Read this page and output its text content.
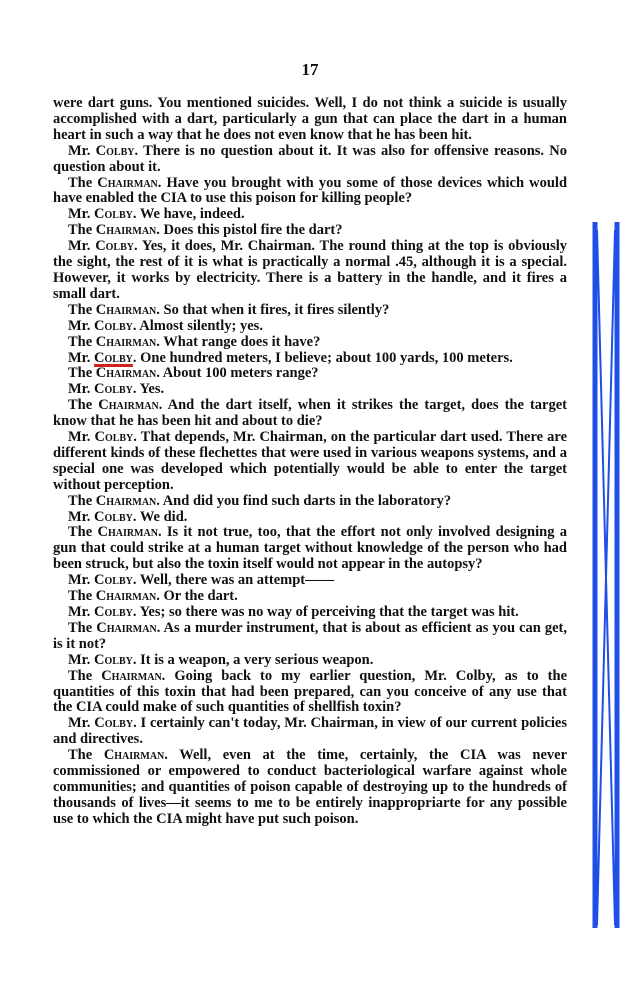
17

were dart guns. You mentioned suicides. Well, I do not think a suicide is usually accomplished with a dart, particularly a gun that can place the dart in a human heart in such a way that he does not even know that he has been hit.

Mr. Colby. There is no question about it. It was also for offensive reasons. No question about it.

The Chairman. Have you brought with you some of those devices which would have enabled the CIA to use this poison for killing people?

Mr. Colby. We have, indeed.

The Chairman. Does this pistol fire the dart?

Mr. Colby. Yes, it does, Mr. Chairman. The round thing at the top is obviously the sight, the rest of it is what is practically a normal .45, although it is a special. However, it works by electricity. There is a battery in the handle, and it fires a small dart.

The Chairman. So that when it fires, it fires silently?

Mr. Colby. Almost silently; yes.

The Chairman. What range does it have?

Mr. Colby. One hundred meters, I believe; about 100 yards, 100 meters.

The Chairman. About 100 meters range?

Mr. Colby. Yes.

The Chairman. And the dart itself, when it strikes the target, does the target know that he has been hit and about to die?

Mr. Colby. That depends, Mr. Chairman, on the particular dart used. There are different kinds of these flechettes that were used in various weapons systems, and a special one was developed which potentially would be able to enter the target without perception.

The Chairman. And did you find such darts in the laboratory?

Mr. Colby. We did.

The Chairman. Is it not true, too, that the effort not only involved designing a gun that could strike at a human target without knowledge of the person who had been struck, but also the toxin itself would not appear in the autopsy?

Mr. Colby. Well, there was an attempt——

The Chairman. Or the dart.

Mr. Colby. Yes; so there was no way of perceiving that the target was hit.

The Chairman. As a murder instrument, that is about as efficient as you can get, is it not?

Mr. Colby. It is a weapon, a very serious weapon.

The Chairman. Going back to my earlier question, Mr. Colby, as to the quantities of this toxin that had been prepared, can you conceive of any use that the CIA could make of such quantities of shellfish toxin?

Mr. Colby. I certainly can't today, Mr. Chairman, in view of our current policies and directives.

The Chairman. Well, even at the time, certainly, the CIA was never commissioned or empowered to conduct bacteriological warfare against whole communities; and quantities of poison capable of destroying up to the hundreds of thousands of lives—it seems to me to be entirely inappropriarte for any possible use to which the CIA might have put such poison.
